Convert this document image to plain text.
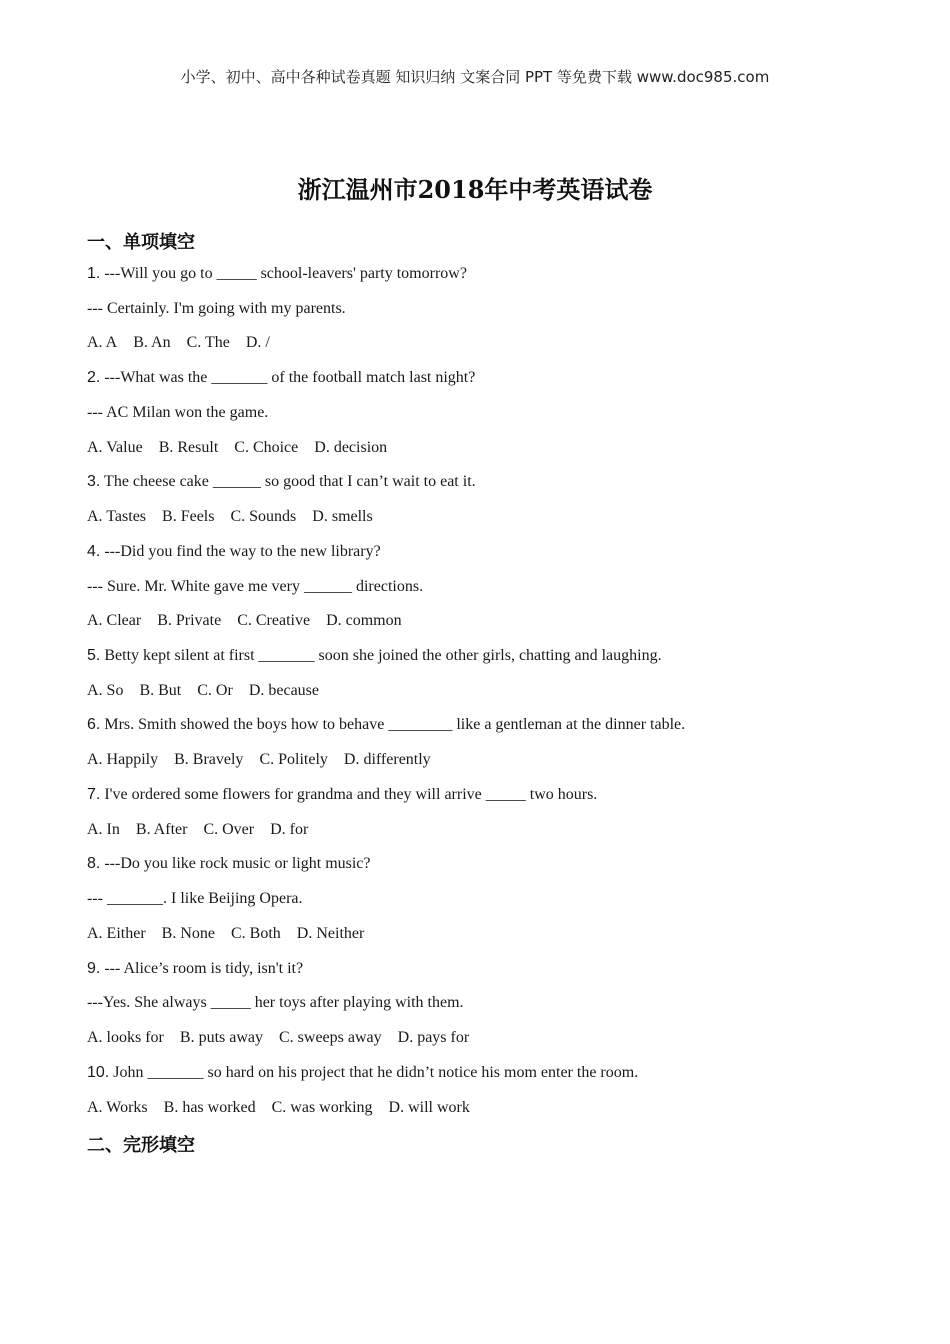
小学、初中、高中各种试卷真题 知识归纳 文案合同 PPT 等免费下载 www.doc985.com
浙江温州市2018年中考英语试卷
一、单项填空
1. ---Will you go to _____ school-leavers' party tomorrow?
--- Certainly. I'm going with my parents.
A. A B. An C. The D. /
2. ---What was the _______ of the football match last night?
--- AC Milan won the game.
A. Value B. Result C. Choice D. decision
3. The cheese cake ______ so good that I can’t wait to eat it.
A. Tastes B. Feels C. Sounds D. smells
4. ---Did you find the way to the new library?
--- Sure. Mr. White gave me very ______ directions.
A. Clear B. Private C. Creative D. common
5. Betty kept silent at first _______ soon she joined the other girls, chatting and laughing.
A. So B. But C. Or D. because
6. Mrs. Smith showed the boys how to behave ________ like a gentleman at the dinner table.
A. Happily B. Bravely C. Politely D. differently
7. I've ordered some flowers for grandma and they will arrive _____ two hours.
A. In B. After C. Over D. for
8. ---Do you like rock music or light music?
--- _______. I like Beijing Opera.
A. Either B. None C. Both D. Neither
9. --- Alice’s room is tidy, isn't it?
---Yes. She always _____ her toys after playing with them.
A. looks for B. puts away C. sweeps away D. pays for
10. John _______ so hard on his project that he didn’t notice his mom enter the room.
A. Works B. has worked C. was working D. will work
二、完形填空
